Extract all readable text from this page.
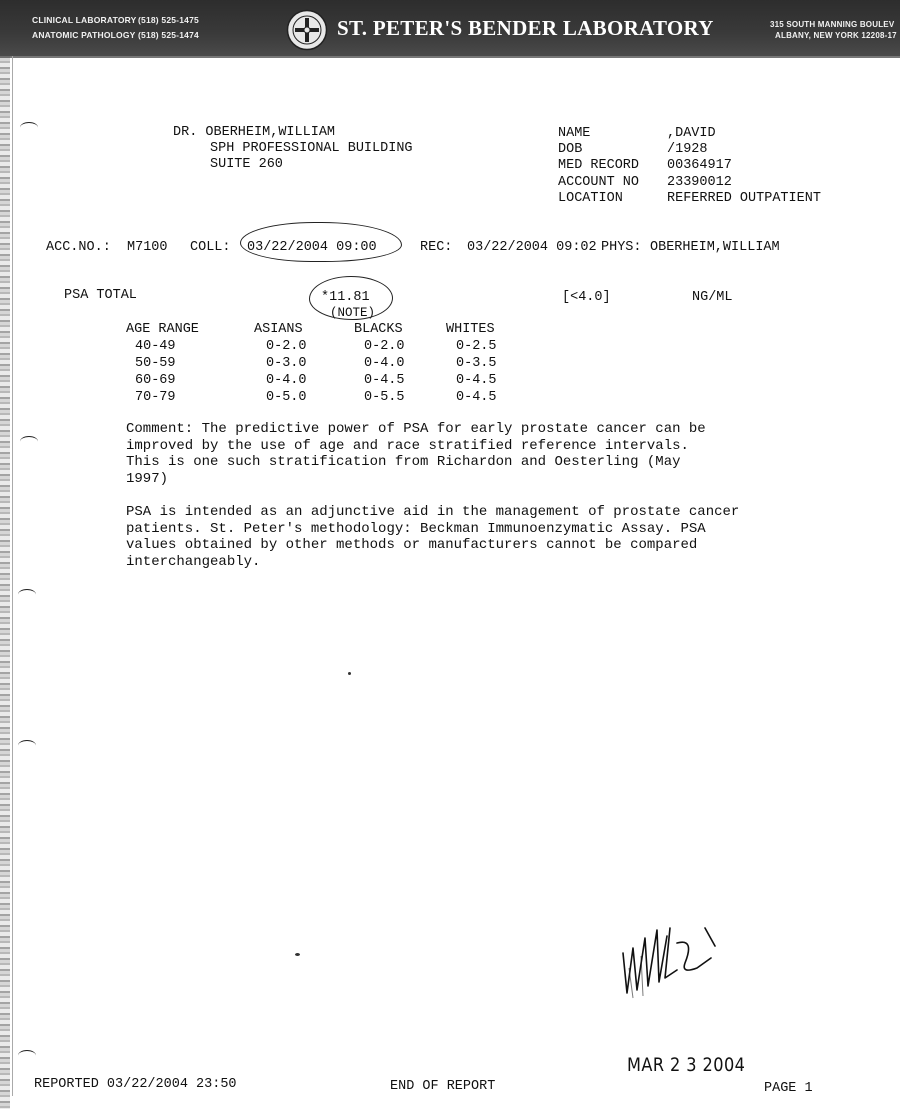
CLINICAL LABORATORY (518) 525-1475
ANATOMIC PATHOLOGY (518) 525-1474	ST. PETER'S BENDER LABORATORY	315 SOUTH MANNING BOULEV
ALBANY, NEW YORK 12208-17
DR. OBERHEIM,WILLIAM
SPH PROFESSIONAL BUILDING
SUITE 260
NAME	,DAVID
DOB	/1928
MED RECORD 00364917
ACCOUNT NO 23390012
LOCATION	REFERRED OUTPATIENT
ACC.NO.: M7100 COLL: 03/22/2004 09:00	REC: 03/22/2004 09:02 PHYS: OBERHEIM,WILLIAM
PSA TOTAL	*11.81
(NOTE)
[<4.0]	NG/ML
AGE RANGE	ASIANS	BLACKS	WHITES
40-49	0-2.0	0-2.0	0-2.5
50-59	0-3.0	0-4.0	0-3.5
60-69	0-4.0	0-4.5	0-4.5
70-79	0-5.0	0-5.5	0-4.5
Comment: The predictive power of PSA for early prostate cancer can be improved by the use of age and race stratified reference intervals. This is one such stratification from Richardon and Oesterling (May 1997)
PSA is intended as an adjunctive aid in the management of prostate cancer patients. St. Peter's methodology: Beckman Immunoenzymatic Assay. PSA values obtained by other methods or manufacturers cannot be compared interchangeably.
MAR 2 3 2004
REPORTED 03/22/2004 23:50	END OF REPORT	PAGE 1
